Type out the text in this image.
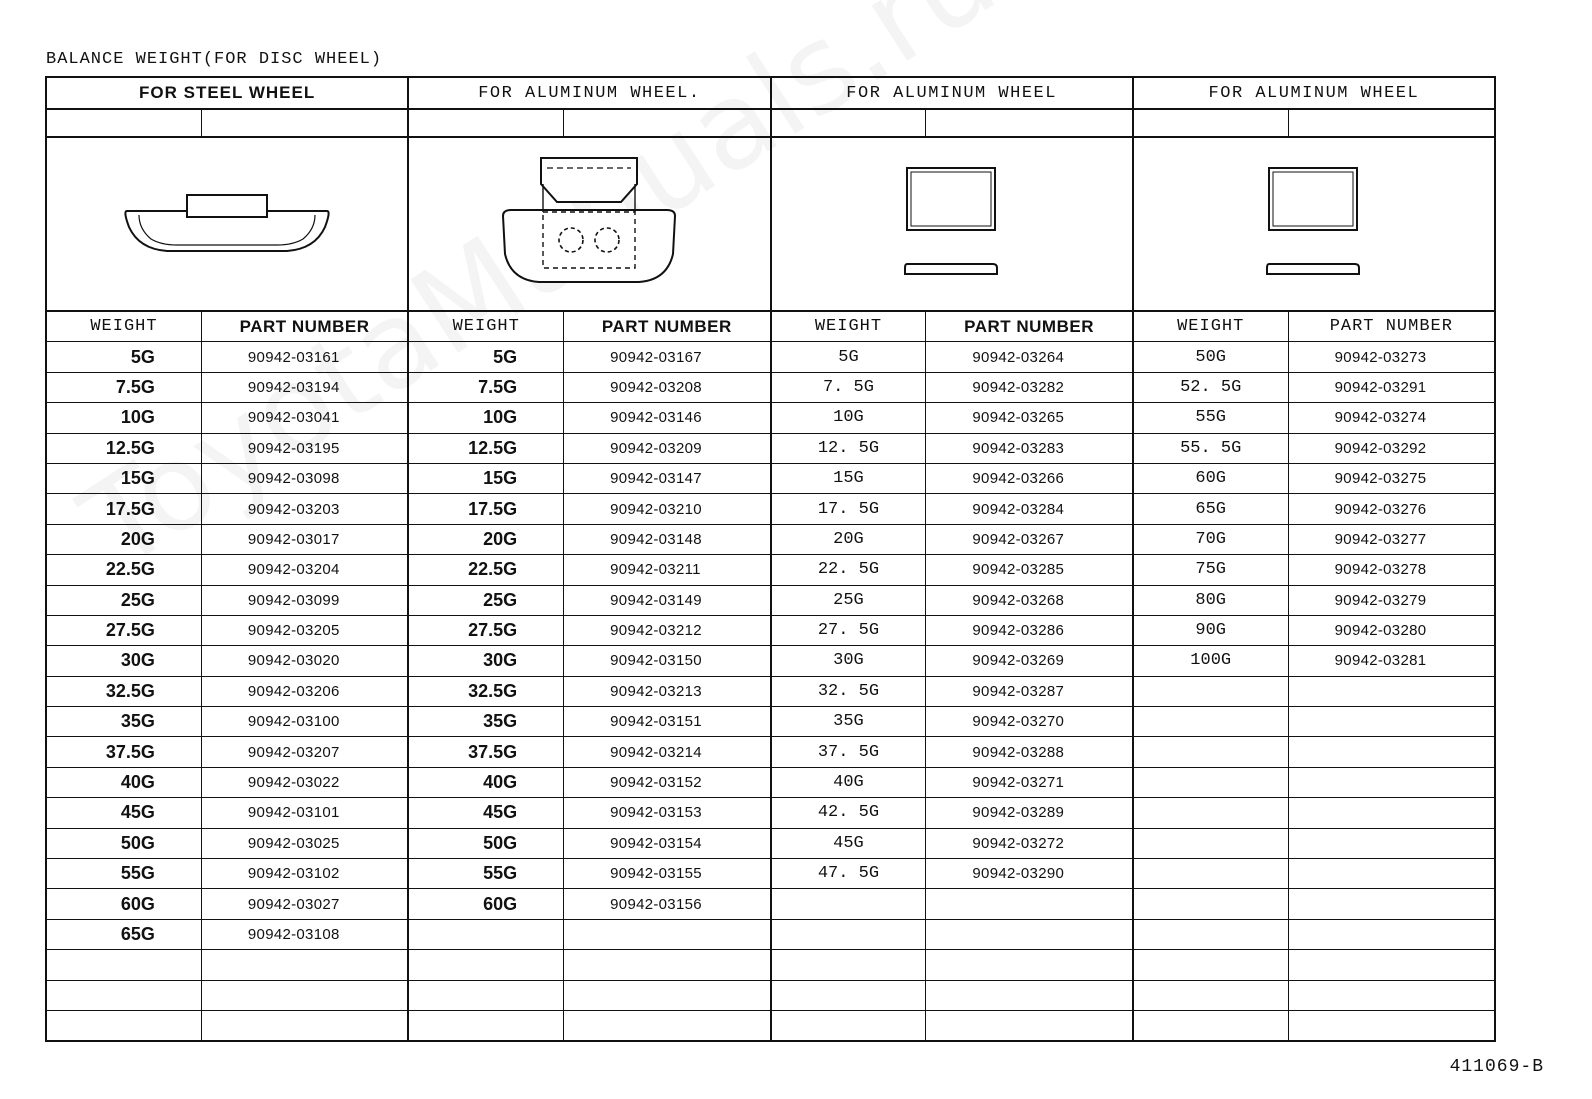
BALANCE WEIGHT(FOR DISC WHEEL)
FOR STEEL WHEEL
WEIGHT	PART NUMBER
5G	90942-03161
7.5G	90942-03194
10G	90942-03041
12.5G	90942-03195
15G	90942-03098
17.5G	90942-03203
20G	90942-03017
22.5G	90942-03204
25G	90942-03099
27.5G	90942-03205
30G	90942-03020
32.5G	90942-03206
35G	90942-03100
37.5G	90942-03207
40G	90942-03022
45G	90942-03101
50G	90942-03025
55G	90942-03102
60G	90942-03027
65G	90942-03108
FOR ALUMINUM WHEEL.
WEIGHT	PART NUMBER
5G	90942-03167
7.5G	90942-03208
10G	90942-03146
12.5G	90942-03209
15G	90942-03147
17.5G	90942-03210
20G	90942-03148
22.5G	90942-03211
25G	90942-03149
27.5G	90942-03212
30G	90942-03150
32.5G	90942-03213
35G	90942-03151
37.5G	90942-03214
40G	90942-03152
45G	90942-03153
50G	90942-03154
55G	90942-03155
60G	90942-03156
FOR ALUMINUM WHEEL
WEIGHT	PART NUMBER
5G	90942-03264
7. 5G	90942-03282
10G	90942-03265
12. 5G	90942-03283
15G	90942-03266
17. 5G	90942-03284
20G	90942-03267
22. 5G	90942-03285
25G	90942-03268
27. 5G	90942-03286
30G	90942-03269
32. 5G	90942-03287
35G	90942-03270
37. 5G	90942-03288
40G	90942-03271
42. 5G	90942-03289
45G	90942-03272
47. 5G	90942-03290
FOR ALUMINUM WHEEL
WEIGHT	PART NUMBER
50G	90942-03273
52. 5G	90942-03291
55G	90942-03274
55. 5G	90942-03292
60G	90942-03275
65G	90942-03276
70G	90942-03277
75G	90942-03278
80G	90942-03279
90G	90942-03280
100G	90942-03281
411069-B
